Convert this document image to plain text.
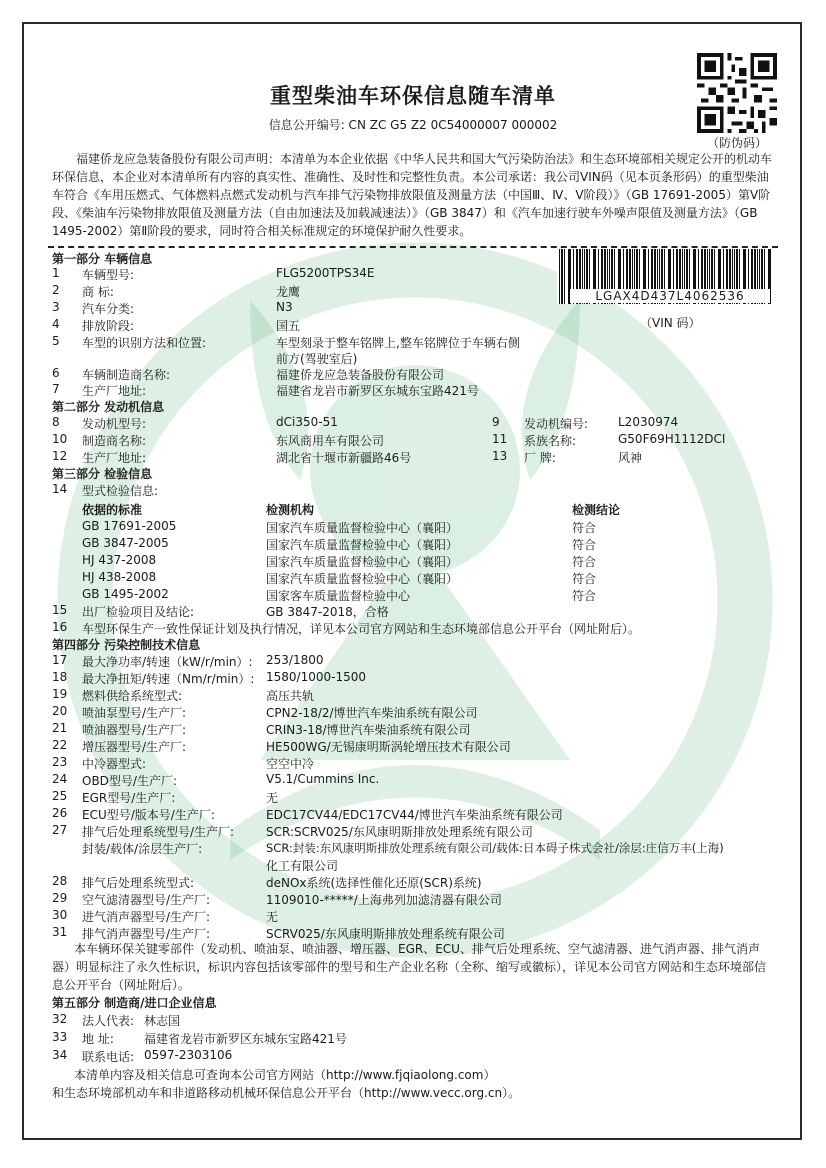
重型柴油车环保信息随车清单
信息公开编号: CN ZC G5 Z2 0C54000007 000002
（防伪码）
福建侨龙应急装备股份有限公司声明：本清单为本企业依据《中华人民共和国大气污染防治法》和生态环境部相关规定公开的机动车环保信息，本企业对本清单所有内容的真实性、准确性、及时性和完整性负责。本公司承诺：我公司VIN码（见本页条形码）的重型柴油车符合《车用压燃式、气体燃料点燃式发动机与汽车排气污染物排放限值及测量方法（中国Ⅲ、Ⅳ、Ⅴ阶段）》（GB 17691-2005）第Ⅴ阶段、《柴油车污染物排放限值及测量方法（自由加速法及加载减速法）》（GB 3847）和《汽车加速行驶车外噪声限值及测量方法》（GB 1495-2002）第Ⅱ阶段的要求，同时符合相关标准规定的环境保护耐久性要求。
LGAX4D437L4062536
（VIN 码）
第一部分 车辆信息
1 车辆型号:	FLG5200TPS34E
2 商 标:	龙鹰
3 汽车分类:	N3
4 排放阶段:	国五
5 车型的识别方法和位置:	车型刻录于整车铭牌上,整车铭牌位于车辆右侧
前方(驾驶室后)
6 车辆制造商名称:	福建侨龙应急装备股份有限公司
7 生产厂地址:	福建省龙岩市新罗区东城东宝路421号
第二部分 发动机信息
8 发动机型号:	dCi350-51	9 发动机编号: L2030974
10 制造商名称:	东风商用车有限公司	11 系族名称:	G50F69H1112DCI
12 生产厂地址:	湖北省十堰市新疆路46号	13 厂 牌:	风神
第三部分 检验信息
14 型式检验信息:
依据的标准	检测机构	检测结论
GB 17691-2005	国家汽车质量监督检验中心（襄阳）	符合
GB 3847-2005	国家汽车质量监督检验中心（襄阳）	符合
HJ 437-2008	国家汽车质量监督检验中心（襄阳）	符合
HJ 438-2008	国家汽车质量监督检验中心（襄阳）	符合
GB 1495-2002	国家客车质量监督检验中心	符合
15 出厂检验项目及结论:	GB 3847-2018，合格
16 车型环保生产一致性保证计划及执行情况，详见本公司官方网站和生态环境部信息公开平台（网址附后）。
第四部分 污染控制技术信息
17 最大净功率/转速（kW/r/min）: 253/1800
18 最大净扭矩/转速（Nm/r/min）: 1580/1000-1500
19 燃料供给系统型式:	高压共轨
20 喷油泵型号/生产厂:	CPN2-18/2/博世汽车柴油系统有限公司
21 喷油器型号/生产厂:	CRIN3-18/博世汽车柴油系统有限公司
22 增压器型号/生产厂:	HE500WG/无锡康明斯涡轮增压技术有限公司
23 中冷器型式:	空空中冷
24 OBD型号/生产厂:	V5.1/Cummins Inc.
25 EGR型号/生产厂:	无
26 ECU型号/版本号/生产厂:	EDC17CV44/EDC17CV44/博世汽车柴油系统有限公司
27 排气后处理系统型号/生产厂:	SCR:SCRV025/东风康明斯排放处理系统有限公司
封装/载体/涂层生产厂:	SCR:封装:东风康明斯排放处理系统有限公司/载体:日本碍子株式会社/涂层:庄信万丰(上海)
化工有限公司
28 排气后处理系统型式:	deNOx系统(选择性催化还原(SCR)系统)
29 空气滤清器型号/生产厂:	1109010-*****/上海弗列加滤清器有限公司
30 进气消声器型号/生产厂:	无
31 排气消声器型号/生产厂:	SCRV025/东风康明斯排放处理系统有限公司
本车辆环保关键零部件（发动机、喷油泵、喷油器、增压器、EGR、ECU、排气后处理系统、空气滤清器、进气消声器、排气消声器）明显标注了永久性标识，标识内容包括该零部件的型号和生产企业名称（全称、缩写或徽标），详见本公司官方网站和生态环境部信息公开平台（网址附后）。
第五部分 制造商/进口企业信息
32 法人代表: 林志国
33 地 址:	福建省龙岩市新罗区东城东宝路421号
34 联系电话: 0597-2303106
本清单内容及相关信息可查询本公司官方网站（http://www.fjqiaolong.com）
和生态环境部机动车和非道路移动机械环保信息公开平台（http://www.vecc.org.cn）。
